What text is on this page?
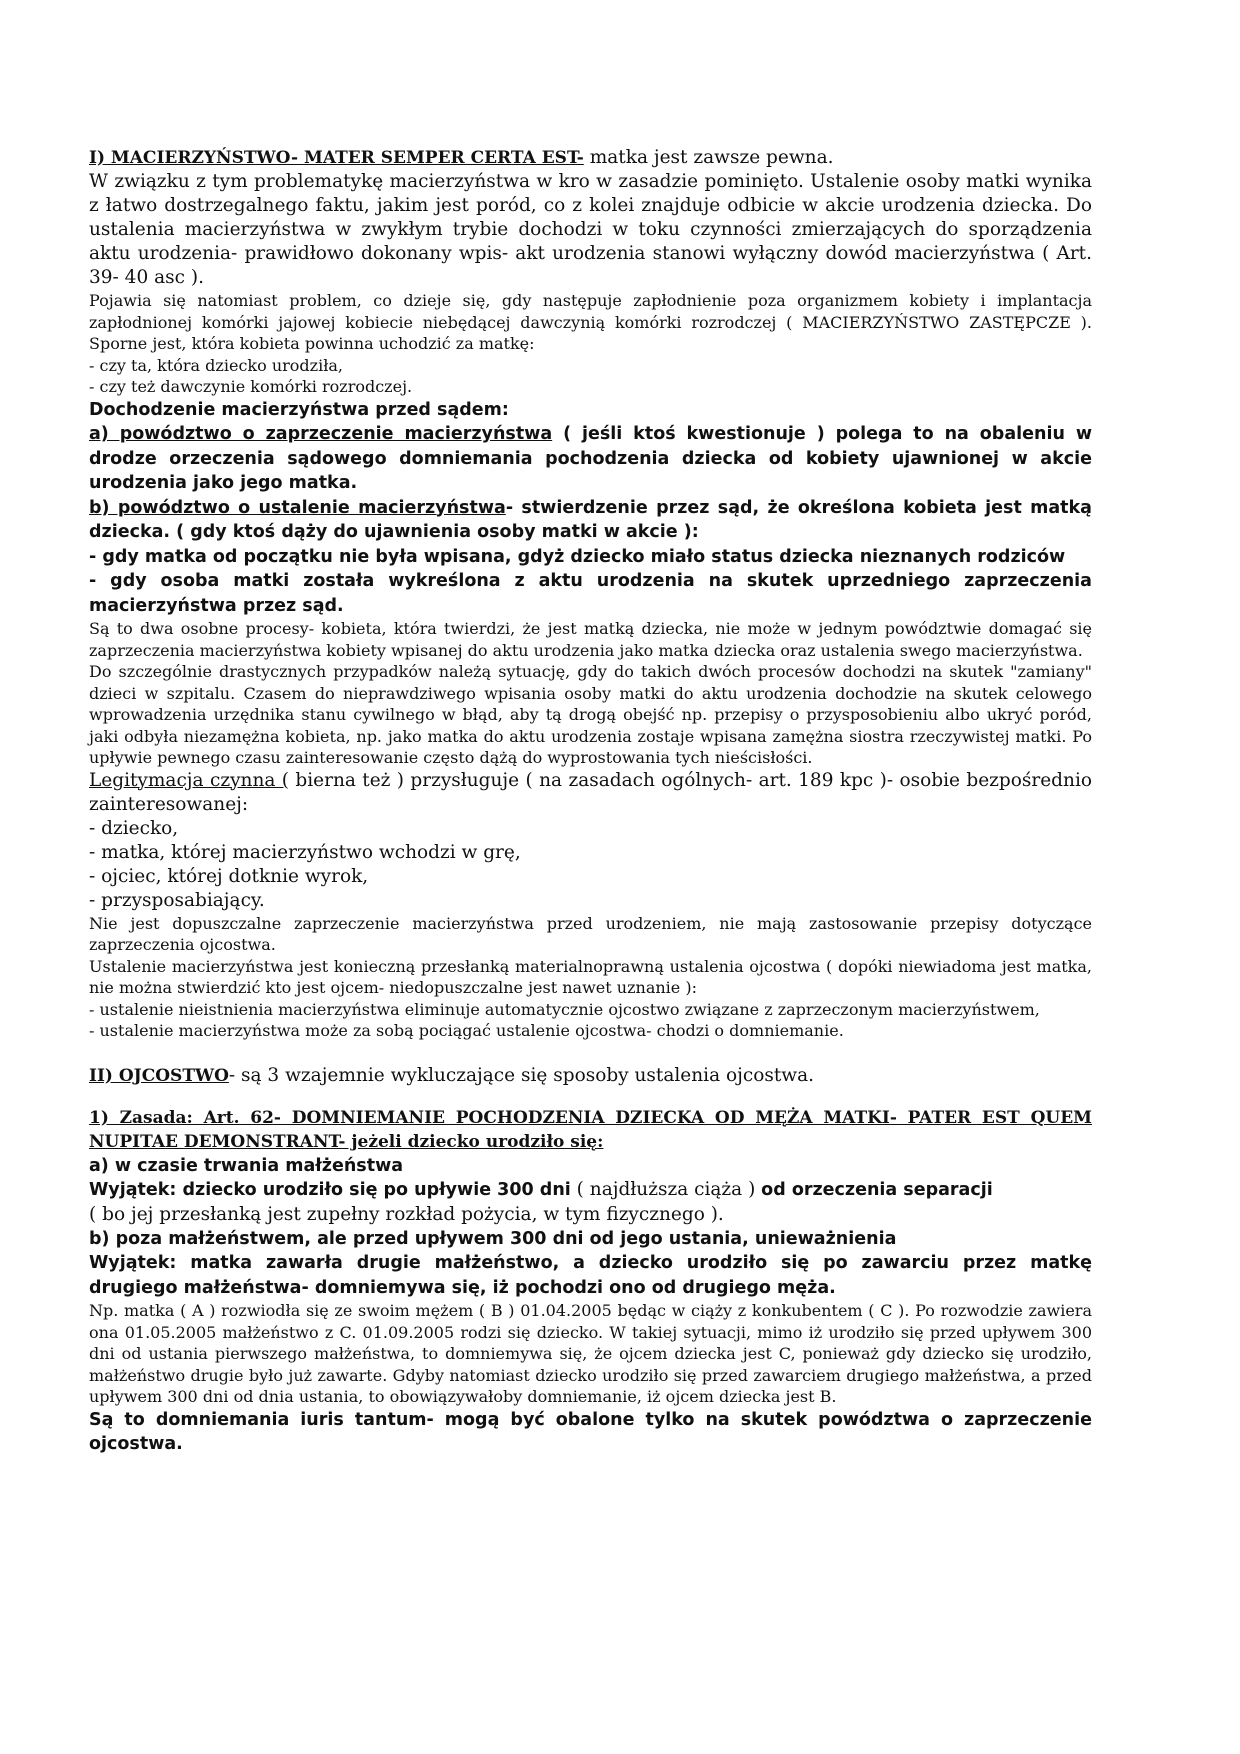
I) MACIERZYŃSTWO- MATER SEMPER CERTA EST- matka jest zawsze pewna.

W związku z tym problematykę macierzyństwa w kro w zasadzie pominięto. Ustalenie osoby matki wynika z łatwo dostrzegalnego faktu, jakim jest poród, co z kolei znajduje odbicie w akcie urodzenia dziecka. Do ustalenia macierzyństwa w zwykłym trybie dochodzi w toku czynności zmierzających do sporządzenia aktu urodzenia- prawidłowo dokonany wpis- akt urodzenia stanowi wyłączny dowód macierzyństwa ( Art. 39- 40 asc ).

Pojawia się natomiast problem, co dzieje się, gdy następuje zapłodnienie poza organizmem kobiety i implantacja zapłodnionej komórki jajowej kobiecie niebędącej dawczynią komórki rozrodczej ( MACIERZYŃSTWO ZASTĘPCZE ). Sporne jest, która kobieta powinna uchodzić za matkę:

- czy ta, która dziecko urodziła,

- czy też dawczynie komórki rozrodczej.

Dochodzenie macierzyństwa przed sądem:

a) powództwo o zaprzeczenie macierzyństwa ( jeśli ktoś kwestionuje ) polega to na obaleniu w drodze orzeczenia sądowego domniemania pochodzenia dziecka od kobiety ujawnionej w akcie urodzenia jako jego matka.

b) powództwo o ustalenie macierzyństwa- stwierdzenie przez sąd, że określona kobieta jest matką dziecka. ( gdy ktoś dąży do ujawnienia osoby matki w akcie ):

- gdy matka od początku nie była wpisana, gdyż dziecko miało status dziecka nieznanych rodziców

- gdy osoba matki została wykreślona z aktu urodzenia na skutek uprzedniego zaprzeczenia macierzyństwa przez sąd.

Są to dwa osobne procesy- kobieta, która twierdzi, że jest matką dziecka, nie może w jednym powództwie domagać się zaprzeczenia macierzyństwa kobiety wpisanej do aktu urodzenia jako matka dziecka oraz ustalenia swego macierzyństwa.

Do szczególnie drastycznych przypadków należą sytuację, gdy do takich dwóch procesów dochodzi na skutek "zamiany" dzieci w szpitalu. Czasem do nieprawdziwego wpisania osoby matki do aktu urodzenia dochodzie na skutek celowego wprowadzenia urzędnika stanu cywilnego w błąd, aby tą drogą obejść np. przepisy o przysposobieniu albo ukryć poród, jaki odbyła niezamężna kobieta, np. jako matka do aktu urodzenia zostaje wpisana zamężna siostra rzeczywistej matki. Po upływie pewnego czasu zainteresowanie często dążą do wyprostowania tych nieścisłości.

Legitymacja czynna ( bierna też ) przysługuje ( na zasadach ogólnych- art. 189 kpc )- osobie bezpośrednio zainteresowanej:

- dziecko,

- matka, której macierzyństwo wchodzi w grę,

- ojciec, której dotknie wyrok,

- przysposabiający.

Nie jest dopuszczalne zaprzeczenie macierzyństwa przed urodzeniem, nie mają zastosowanie przepisy dotyczące zaprzeczenia ojcostwa.

Ustalenie macierzyństwa jest konieczną przesłanką materialnoprawną ustalenia ojcostwa ( dopóki niewiadoma jest matka, nie można stwierdzić kto jest ojcem- niedopuszczalne jest nawet uznanie ):

- ustalenie nieistnienia macierzyństwa eliminuje automatycznie ojcostwo związane z zaprzeczonym macierzyństwem,

- ustalenie macierzyństwa może za sobą pociągać ustalenie ojcostwa- chodzi o domniemanie.

II) OJCOSTWO- są 3 wzajemnie wykluczające się sposoby ustalenia ojcostwa.

1) Zasada: Art. 62- DOMNIEMANIE POCHODZENIA DZIECKA OD MĘŻA MATKI- PATER EST QUEM NUPITAE DEMONSTRANT- jeżeli dziecko urodziło się:

a) w czasie trwania małżeństwa

Wyjątek: dziecko urodziło się po upływie 300 dni ( najdłuższa ciąża ) od orzeczenia separacji
( bo jej przesłanką jest zupełny rozkład pożycia, w tym fizycznego ).

b) poza małżeństwem, ale przed upływem 300 dni od jego ustania, unieważnienia

Wyjątek: matka zawarła drugie małżeństwo, a dziecko urodziło się po zawarciu przez matkę drugiego małżeństwa- domniemywa się, iż pochodzi ono od drugiego męża.

Np. matka ( A ) rozwiodła się ze swoim mężem ( B ) 01.04.2005 będąc w ciąży z konkubentem ( C ). Po rozwodzie zawiera ona 01.05.2005 małżeństwo z C. 01.09.2005 rodzi się dziecko. W takiej sytuacji, mimo iż urodziło się przed upływem 300 dni od ustania pierwszego małżeństwa, to domniemywa się, że ojcem dziecka jest C, ponieważ gdy dziecko się urodziło, małżeństwo drugie było już zawarte. Gdyby natomiast dziecko urodziło się przed zawarciem drugiego małżeństwa, a przed upływem 300 dni od dnia ustania, to obowiązywałoby domniemanie, iż ojcem dziecka jest B.

Są to domniemania iuris tantum- mogą być obalone tylko na skutek powództwa o zaprzeczenie ojcostwa.
